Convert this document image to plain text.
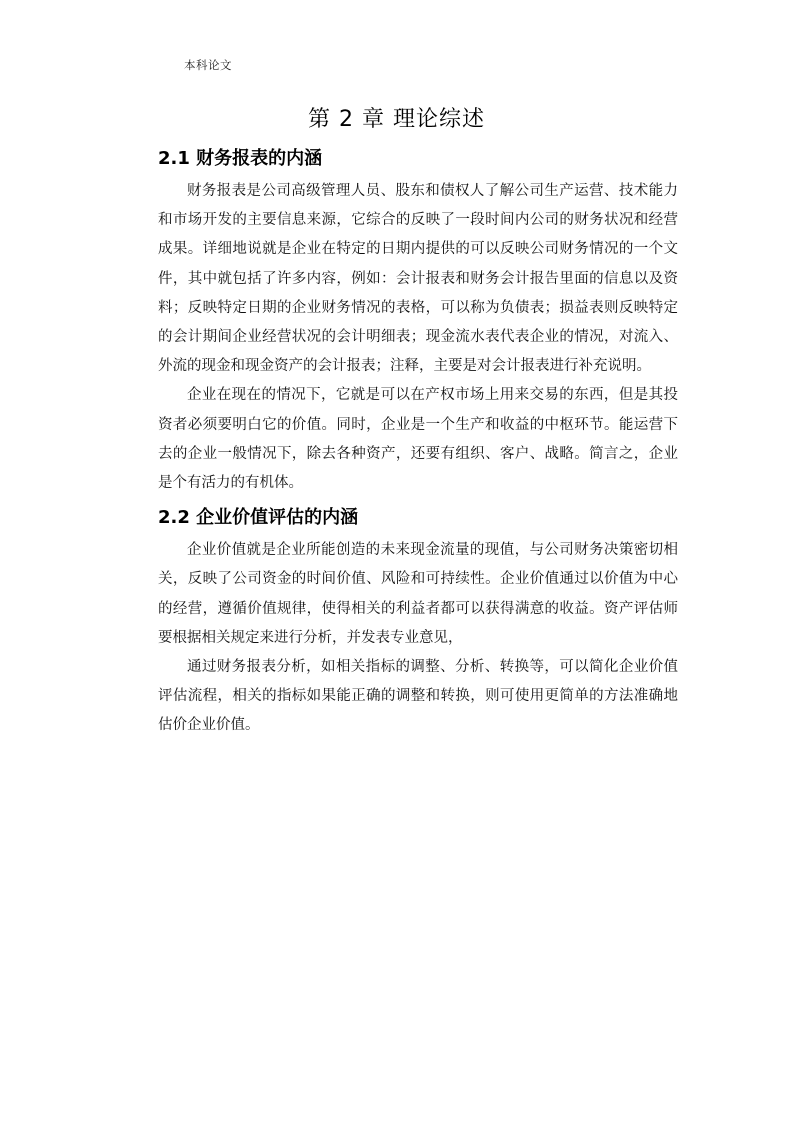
本科论文
第 2 章 理论综述
2.1 财务报表的内涵

财务报表是公司高级管理人员、股东和债权人了解公司生产运营、技术能力和市场开发的主要信息来源，它综合的反映了一段时间内公司的财务状况和经营成果。详细地说就是企业在特定的日期内提供的可以反映公司财务情况的一个文件，其中就包括了许多内容，例如：会计报表和财务会计报告里面的信息以及资料；反映特定日期的企业财务情况的表格，可以称为负债表；损益表则反映特定的会计期间企业经营状况的会计明细表；现金流水表代表企业的情况，对流入、外流的现金和现金资产的会计报表；注释，主要是对会计报表进行补充说明。

企业在现在的情况下，它就是可以在产权市场上用来交易的东西，但是其投资者必须要明白它的价值。同时，企业是一个生产和收益的中枢环节。能运营下去的企业一般情况下，除去各种资产，还要有组织、客户、战略。简言之，企业是个有活力的有机体。

2.2 企业价值评估的内涵

企业价值就是企业所能创造的未来现金流量的现值，与公司财务决策密切相关，反映了公司资金的时间价值、风险和可持续性。企业价值通过以价值为中心的经营，遵循价值规律，使得相关的利益者都可以获得满意的收益。资产评估师要根据相关规定来进行分析，并发表专业意见，

通过财务报表分析，如相关指标的调整、分析、转换等，可以简化企业价值评估流程，相关的指标如果能正确的调整和转换，则可使用更简单的方法准确地估价企业价值。
